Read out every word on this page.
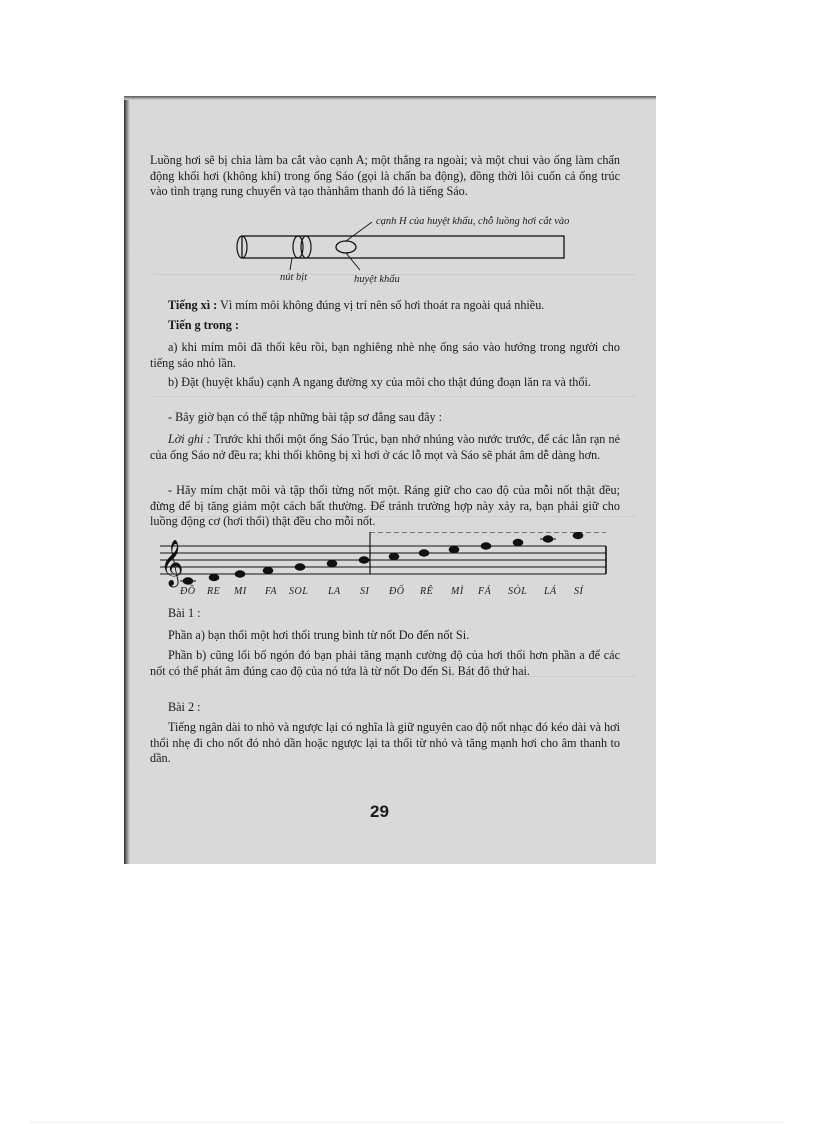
Luồng hơi sẽ bị chia làm ba cắt vào cạnh A; một thẳng ra ngoài; và một chui vào ống làm chấn động khối hơi (không khí) trong ống Sáo (gọi là chấn ba động), đồng thời lôi cuốn cả ống trúc vào tình trạng rung chuyển và tạo thànhâm thanh đó là tiếng Sáo.
cạnh H của huyệt khẩu, chỗ luồng hơi cắt vào
nút bịt	huyệt khẩu
Tiếng xì : Vì mím môi không đúng vị trí nên số hơi thoát ra ngoài quá nhiều.
Tiến g trong :
a) khi mím môi đã thổi kêu rồi, bạn nghiêng nhè nhẹ ống sáo vào hướng trong người cho tiếng sáo nhỏ lần.
b) Đặt (huyệt khẩu) cạnh A ngang đường xy của môi cho thật đúng đoạn lăn ra và thổi.
- Bây giờ bạn có thể tập những bài tập sơ đẳng sau đây :
Lời ghi : Trước khi thổi một ống Sáo Trúc, bạn nhớ nhúng vào nước trước, để các lằn rạn nẻ của ống Sáo nở đều ra; khi thổi không bị xì hơi ở các lỗ mọt và Sáo sẽ phát âm dễ dàng hơn.
- Hãy mím chặt môi và tập thổi từng nốt một. Ráng giữ cho cao độ của mỗi nốt thật đều; đừng để bị tăng giảm một cách bất thường. Để tránh trường hợp này xảy ra, bạn phải giữ cho luồng động cơ (hơi thổi) thật đều cho mỗi nốt.
𝄞
ĐỒ RE MI FA SOL LA SI ĐỐ RÊ MÌ FÁ SÒL LÁ SÍ
Bài 1 :
Phần a) bạn thổi một hơi thổi trung bình từ nốt Do đến nốt Si.
Phần b) cũng lối bố ngón đó bạn phải tăng mạnh cường độ của hơi thổi hơn phần a để các nốt có thể phát âm đúng cao độ của nó tứa là từ nốt Do đến Si. Bát đô thứ hai.
Bài 2 :
Tiếng ngân dài to nhỏ và ngược lại có nghĩa là giữ nguyên cao độ nốt nhạc đó kéo dài và hơi thổi nhẹ đi cho nốt đó nhỏ dần hoặc ngược lại ta thổi từ nhỏ và tăng mạnh hơi cho âm thanh to dần.
29
